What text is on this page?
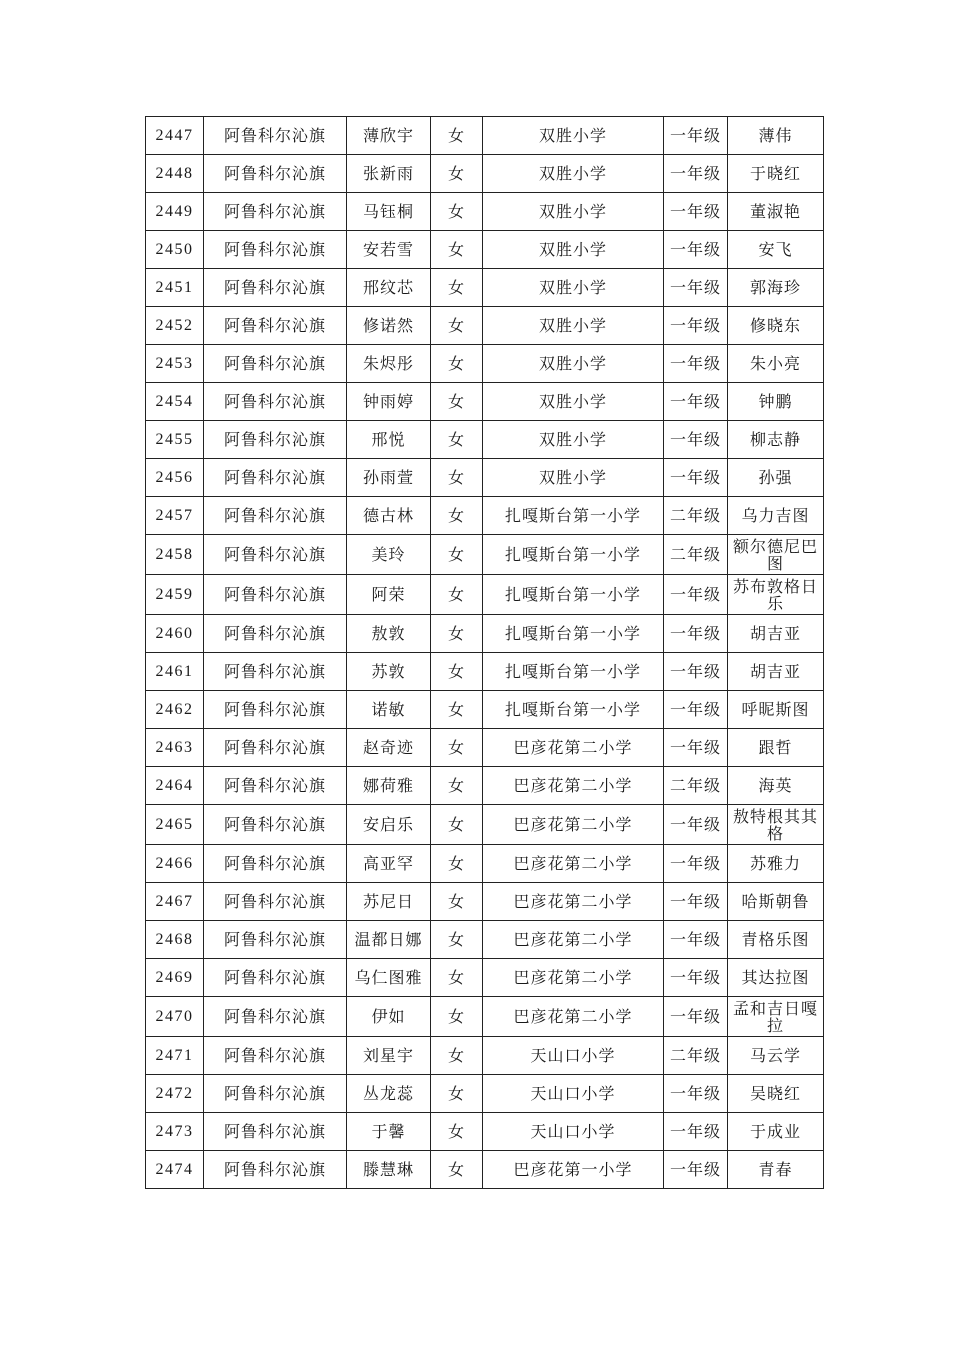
2447	阿鲁科尔沁旗	薄欣宇	女	双胜小学	一年级	薄伟
2448	阿鲁科尔沁旗	张新雨	女	双胜小学	一年级	于晓红
2449	阿鲁科尔沁旗	马钰桐	女	双胜小学	一年级	董淑艳
2450	阿鲁科尔沁旗	安若雪	女	双胜小学	一年级	安飞
2451	阿鲁科尔沁旗	邢纹芯	女	双胜小学	一年级	郭海珍
2452	阿鲁科尔沁旗	修诺然	女	双胜小学	一年级	修晓东
2453	阿鲁科尔沁旗	朱烬彤	女	双胜小学	一年级	朱小亮
2454	阿鲁科尔沁旗	钟雨婷	女	双胜小学	一年级	钟鹏
2455	阿鲁科尔沁旗	邢悦	女	双胜小学	一年级	柳志静
2456	阿鲁科尔沁旗	孙雨萱	女	双胜小学	一年级	孙强
2457	阿鲁科尔沁旗	德古林	女	扎嘎斯台第一小学	二年级	乌力吉图
2458	阿鲁科尔沁旗	美玲	女	扎嘎斯台第一小学	二年级	额尔德尼巴图
2459	阿鲁科尔沁旗	阿荣	女	扎嘎斯台第一小学	一年级	苏布敦格日乐
2460	阿鲁科尔沁旗	敖敦	女	扎嘎斯台第一小学	一年级	胡吉亚
2461	阿鲁科尔沁旗	苏敦	女	扎嘎斯台第一小学	一年级	胡吉亚
2462	阿鲁科尔沁旗	诺敏	女	扎嘎斯台第一小学	一年级	呼昵斯图
2463	阿鲁科尔沁旗	赵奇迹	女	巴彦花第二小学	一年级	跟哲
2464	阿鲁科尔沁旗	娜荷雅	女	巴彦花第二小学	二年级	海英
2465	阿鲁科尔沁旗	安启乐	女	巴彦花第二小学	一年级	敖特根其其格
2466	阿鲁科尔沁旗	高亚罕	女	巴彦花第二小学	一年级	苏雅力
2467	阿鲁科尔沁旗	苏尼日	女	巴彦花第二小学	一年级	哈斯朝鲁
2468	阿鲁科尔沁旗	温都日娜	女	巴彦花第二小学	一年级	青格乐图
2469	阿鲁科尔沁旗	乌仁图雅	女	巴彦花第二小学	一年级	其达拉图
2470	阿鲁科尔沁旗	伊如	女	巴彦花第二小学	一年级	孟和吉日嘎拉
2471	阿鲁科尔沁旗	刘星宇	女	天山口小学	二年级	马云学
2472	阿鲁科尔沁旗	丛龙蕊	女	天山口小学	一年级	吴晓红
2473	阿鲁科尔沁旗	于馨	女	天山口小学	一年级	于成业
2474	阿鲁科尔沁旗	滕慧琳	女	巴彦花第一小学	一年级	青春
